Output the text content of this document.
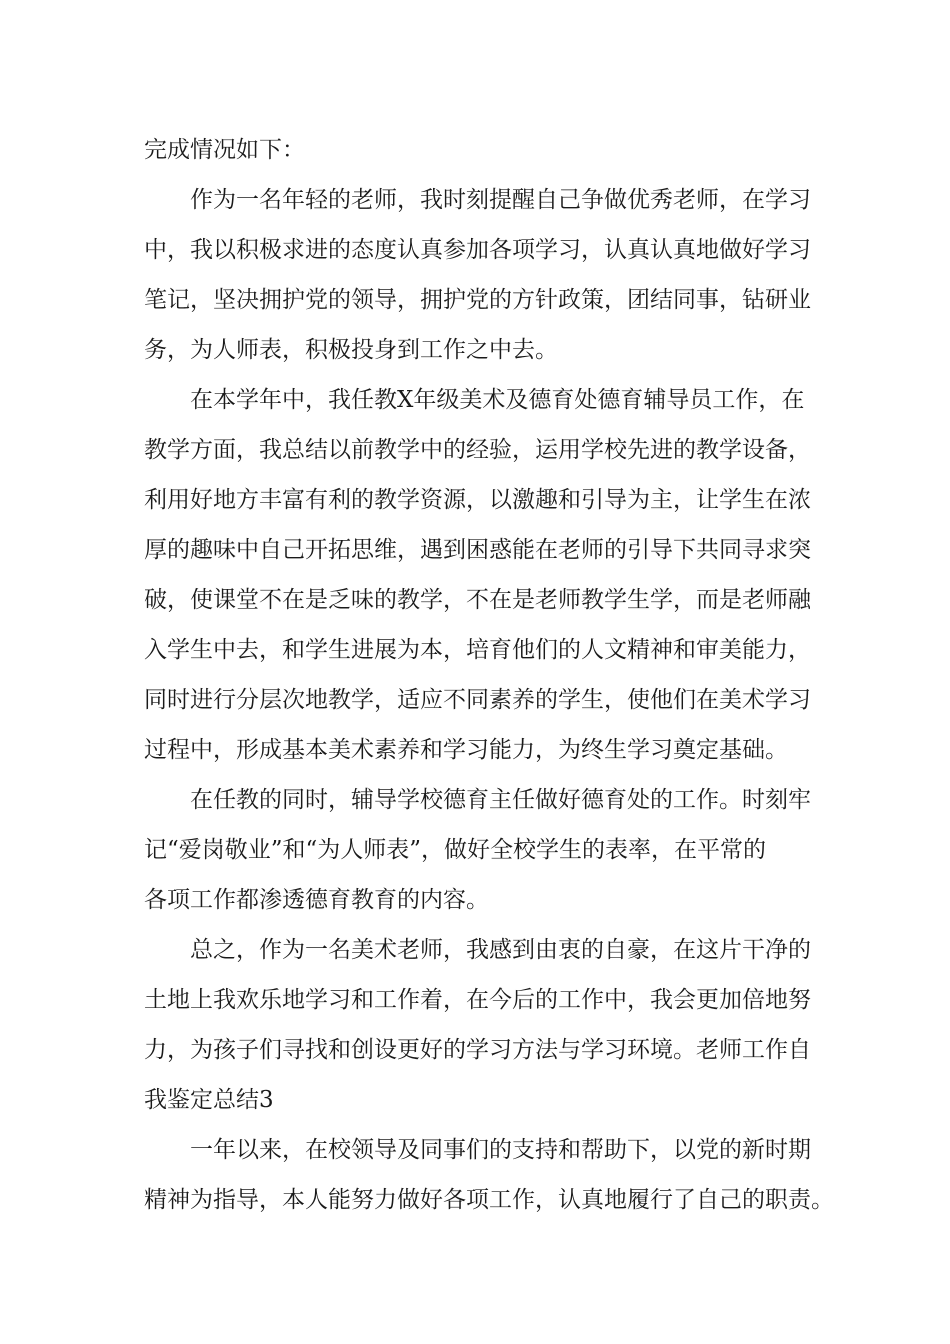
完成情况如下：

作为一名年轻的老师，我时刻提醒自己争做优秀老师，在学习

中，我以积极求进的态度认真参加各项学习，认真认真地做好学习

笔记，坚决拥护党的领导，拥护党的方针政策，团结同事，钻研业

务，为人师表，积极投身到工作之中去。

在本学年中，我任教X年级美术及德育处德育辅导员工作，在

教学方面，我总结以前教学中的经验，运用学校先进的教学设备，

利用好地方丰富有利的教学资源，以激趣和引导为主，让学生在浓

厚的趣味中自己开拓思维，遇到困惑能在老师的引导下共同寻求突

破，使课堂不在是乏味的教学，不在是老师教学生学，而是老师融

入学生中去，和学生进展为本，培育他们的人文精神和审美能力，

同时进行分层次地教学，适应不同素养的学生，使他们在美术学习

过程中，形成基本美术素养和学习能力，为终生学习奠定基础。

在任教的同时，辅导学校德育主任做好德育处的工作。时刻牢

记“爱岗敬业”和“为人师表”，做好全校学生的表率，在平常的

各项工作都渗透德育教育的内容。

总之，作为一名美术老师，我感到由衷的自豪，在这片干净的

土地上我欢乐地学习和工作着，在今后的工作中，我会更加倍地努

力，为孩子们寻找和创设更好的学习方法与学习环境。老师工作自

我鉴定总结3

一年以来，在校领导及同事们的支持和帮助下，以党的新时期

精神为指导，本人能努力做好各项工作，认真地履行了自己的职责。
